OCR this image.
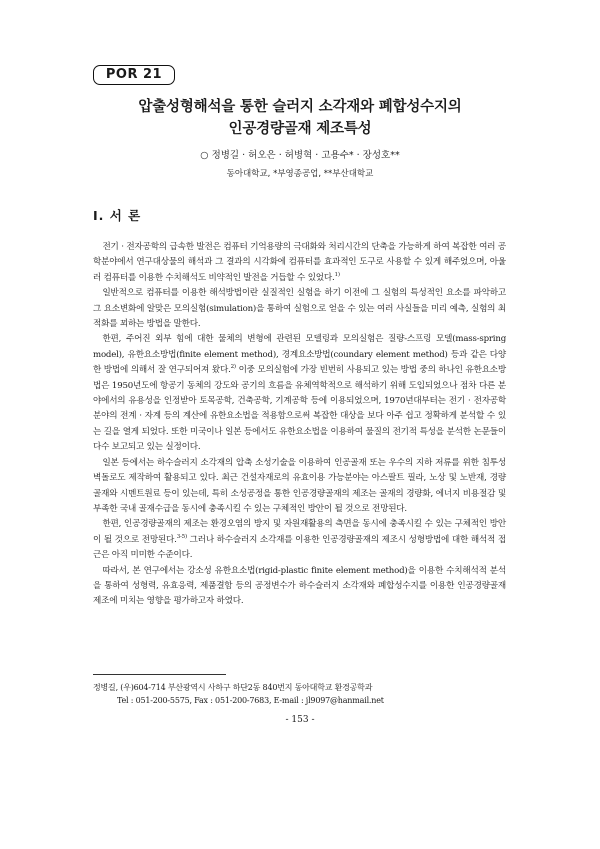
POR 21
압출성형해석을 통한 슬러지 소각재와 폐합성수지의
인공경량골재 제조특성
○ 정병길 · 허오은 · 허병혁 · 고용수* · 장성호**
동아대학교, *부영종공업, **부산대학교
I. 서 론

전기 · 전자공학의 급속한 발전은 컴퓨터 기억용량의 극대화와 처리시간의 단축을 가능하게 하여 복잡한 여러 공학분야에서 연구대상물의 해석과 그 결과의 시각화에 컴퓨터를 효과적인 도구로 사용할 수 있게 해주었으며, 아울러 컴퓨터를 이용한 수치해석도 비약적인 발전을 거듭할 수 있었다.$^{1)}$

일반적으로 컴퓨터를 이용한 해석방법이란 실질적인 실험을 하기 이전에 그 실험의 특성적인 요소를 파악하고 그 요소변화에 알맞은 모의실험(simulation)을 통하여 실험으로 얻을 수 있는 여러 사실들을 미리 예측, 실험의 최적화를 꾀하는 방법을 말한다.

한편, 주어진 외부 힘에 대한 물체의 변형에 관련된 모델링과 모의실험은 질량-스프링 모델(mass-spring model), 유한요소방법(finite element method), 경계요소방법(coundary element method) 등과 같은 다양한 방법에 의해서 잘 연구되어져 왔다.$^{2)}$ 이중 모의실험에 가장 빈번히 사용되고 있는 방법 중의 하나인 유한요소방법은 1950년도에 항공기 동체의 강도와 공기의 흐름을 유체역학적으로 해석하기 위해 도입되었으나 점차 다른 분야에서의 유용성을 인정받아 토목공학, 건축공학, 기계공학 등에 이용되었으며, 1970년대부터는 전기 · 전자공학 분야의 전계 · 자계 등의 계산에 유한요소법을 적용함으로써 복잡한 대상을 보다 아주 쉽고 정확하게 분석할 수 있는 길을 열게 되었다. 또한 미국이나 일본 등에서도 유한요소법을 이용하여 물질의 전기적 특성을 분석한 논문들이 다수 보고되고 있는 실정이다.

일본 등에서는 하수슬러지 소각재의 압축 소성기술을 이용하여 인공골재 또는 우수의 지하 저류를 위한 침투성 벽돌로도 제작하여 활용되고 있다. 최근 건설자재로의 유효이용 가능분야는 아스팔트 필라, 노상 및 노반재, 경량골재와 시멘트원료 등이 있는데, 특히 소성공정을 통한 인공경량골재의 제조는 골재의 경량화, 에너지 비용절감 및 부족한 국내 골재수급을 동시에 충족시킬 수 있는 구체적인 방안이 될 것으로 전망된다.

한편, 인공경량골재의 제조는 환경오염의 방지 및 자원재활용의 측면을 동시에 충족시킬 수 있는 구체적인 방안이 될 것으로 전망된다.$^{3-5)}$ 그러나 하수슬러지 소각재를 이용한 인공경량골재의 제조시 성형방법에 대한 해석적 접근은 아직 미미한 수준이다.

따라서, 본 연구에서는 강소성 유한요소법(rigid-plastic finite element method)을 이용한 수치해석적 분석을 통하여 성형력, 유효응력, 제품결함 등의 공정변수가 하수슬러지 소각재와 폐합성수지를 이용한 인공경량골재 제조에 미치는 영향을 평가하고자 하였다.

정병길, (우)604-714 부산광역시 사하구 하단2동 840번지 동아대학교 환경공학과
Tel : 051-200-5575, Fax : 051-200-7683, E-mail : jl9097@hanmail.net
- 153 -
